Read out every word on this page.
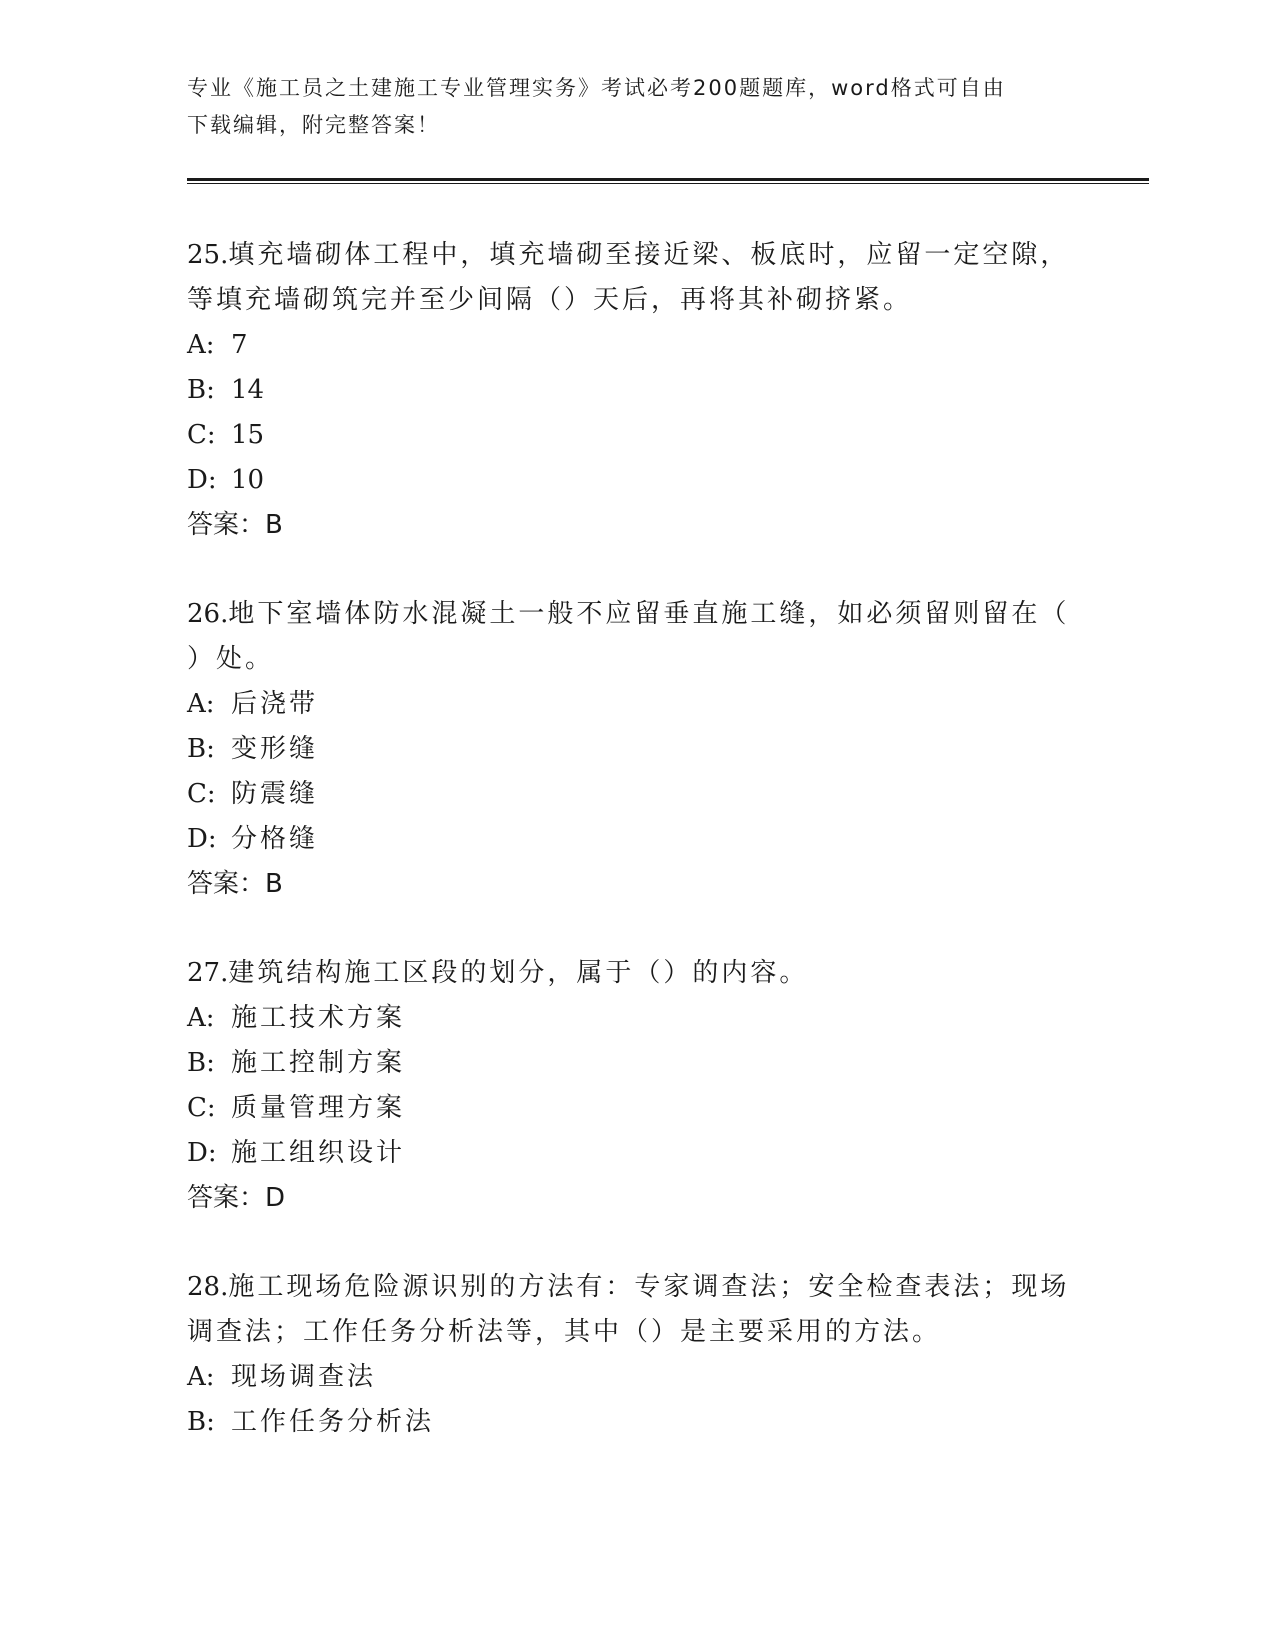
专业《施工员之土建施工专业管理实务》考试必考200题题库，word格式可自由
下载编辑，附完整答案！

25.填充墙砌体工程中，填充墙砌至接近梁、板底时，应留一定空隙，
等填充墙砌筑完并至少间隔（）天后，再将其补砌挤紧。

A: 7
B: 14
C: 15
D: 10
答案：B

26.地下室墙体防水混凝土一般不应留垂直施工缝，如必须留则留在（
）处。

A: 后浇带
B: 变形缝
C: 防震缝
D: 分格缝
答案：B

27.建筑结构施工区段的划分，属于（）的内容。

A: 施工技术方案
B: 施工控制方案
C: 质量管理方案
D: 施工组织设计
答案：D

28.施工现场危险源识别的方法有：专家调查法；安全检查表法；现场
调查法；工作任务分析法等，其中（）是主要采用的方法。

A: 现场调查法
B: 工作任务分析法
